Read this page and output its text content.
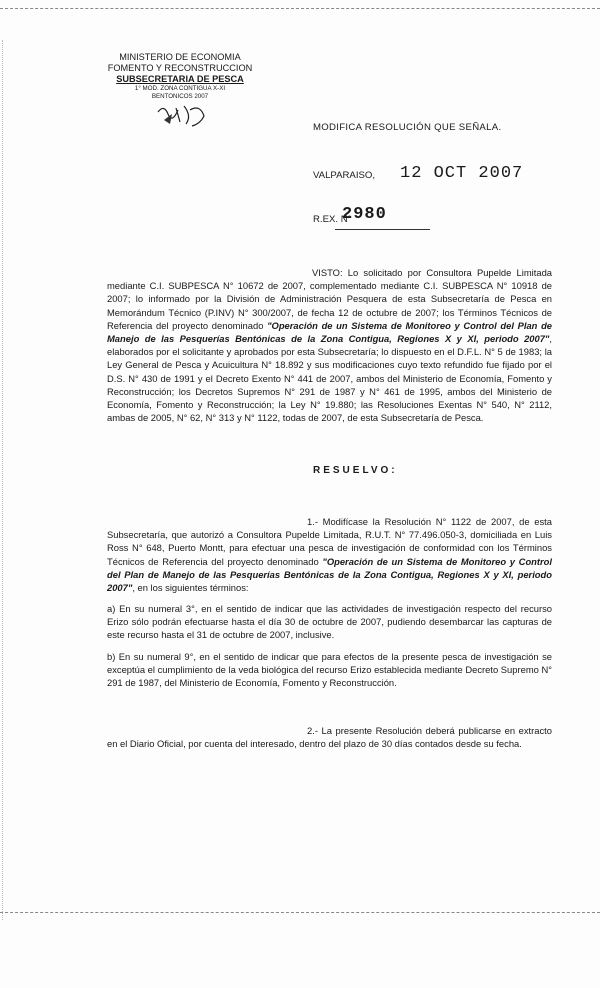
MINISTERIO DE ECONOMIA
FOMENTO Y RECONSTRUCCION
SUBSECRETARIA DE PESCA
1° MOD. ZONA CONTIGUA X-XI
BENTONICOS 2007
MODIFICA RESOLUCIÓN QUE SEÑALA.
VALPARAISO, 12 OCT 2007
R.EX. N°
2980

VISTO: Lo solicitado por Consultora Pupelde Limitada mediante C.I. SUBPESCA N° 10672 de 2007, complementado mediante C.I. SUBPESCA N° 10918 de 2007; lo informado por la División de Administración Pesquera de esta Subsecretaría de Pesca en Memorándum Técnico (P.INV) N° 300/2007, de fecha 12 de octubre de 2007; los Términos Técnicos de Referencia del proyecto denominado "Operación de un Sistema de Monitoreo y Control del Plan de Manejo de las Pesquerías Bentónicas de la Zona Contigua, Regiones X y XI, periodo 2007", elaborados por el solicitante y aprobados por esta Subsecretaría; lo dispuesto en el D.F.L. N° 5 de 1983; la Ley General de Pesca y Acuicultura N° 18.892 y sus modificaciones cuyo texto refundido fue fijado por el D.S. N° 430 de 1991 y el Decreto Exento N° 441 de 2007, ambos del Ministerio de Economía, Fomento y Reconstrucción; los Decretos Supremos N° 291 de 1987 y N° 461 de 1995, ambos del Ministerio de Economía, Fomento y Reconstrucción; la Ley N° 19.880; las Resoluciones Exentas N° 540, N° 2112, ambas de 2005, N° 62, N° 313 y N° 1122, todas de 2007, de esta Subsecretaría de Pesca.

RESUELVO:

1.- Modifícase la Resolución N° 1122 de 2007, de esta Subsecretaría, que autorizó a Consultora Pupelde Limitada, R.U.T. N° 77.496.050-3, domiciliada en Luis Ross N° 648, Puerto Montt, para efectuar una pesca de investigación de conformidad con los Términos Técnicos de Referencia del proyecto denominado "Operación de un Sistema de Monitoreo y Control del Plan de Manejo de las Pesquerías Bentónicas de la Zona Contigua, Regiones X y XI, periodo 2007", en los siguientes términos:

a) En su numeral 3°, en el sentido de indicar que las actividades de investigación respecto del recurso Erizo sólo podrán efectuarse hasta el día 30 de octubre de 2007, pudiendo desembarcar las capturas de este recurso hasta el 31 de octubre de 2007, inclusive.

b) En su numeral 9°, en el sentido de indicar que para efectos de la presente pesca de investigación se exceptúa el cumplimiento de la veda biológica del recurso Erizo establecida mediante Decreto Supremo N° 291 de 1987, del Ministerio de Economía, Fomento y Reconstrucción.

2.- La presente Resolución deberá publicarse en extracto en el Diario Oficial, por cuenta del interesado, dentro del plazo de 30 días contados desde su fecha.
